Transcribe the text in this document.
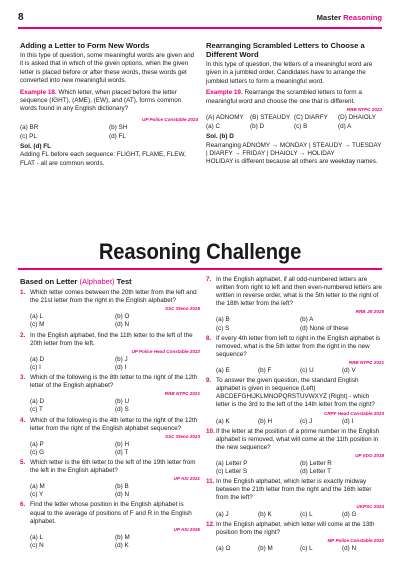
8	Master Reasoning
Adding a Letter to Form New Words

In this type of question, some meaningful words are given and it is asked that in which of the given options, when the given letter is placed before or after these words, these words get converted into new meaningful words.

Example 18. Which letter, when placed before the letter sequence (IGHT), (AME), (EW), and (AT), forms common words found in any English dictionary?

UP Police Constable 2024
(a) BR	(b) SH
(c) PL	(d) FL

Sol. (d) FL
Adding FL before each sequence: FLIGHT, FLAME, FLEW, FLAT - all are common words.

Rearranging Scrambled Letters to Choose a Different Word

In this type of question, the letters of a meaningful word are given in a jumbled order. Candidates have to arrange the jumbled letters to form a meaningful word.

Example 19. Rearrange the scrambled letters to form a meaningful word and choose the one that is different.

RRB NTPC 2022
(A) ADNOMY (B) STEAUDY (C) DIARFY	(D) DHAIOLY
(a) C	(b) D	(c) B	(d) A

Sol. (b) D
Rearranging ADNOMY → MONDAY | STEAUDY → TUESDAY | DIARFY → FRIDAY | DHAIOLY → HOLIDAY
HOLIDAY is different because all others are weekday names.

Reasoning Challenge
Based on Letter (Alphabet) Test
1. Which letter comes between the 20th letter from the left and the 21st letter from the right in the English alphabet?
SSC Steno 2025
(a) L	(b) O
(c) M	(d) N
2. In the English alphabet, find the 11th letter to the left of the 20th letter from the left.
UP Police Head Constable 2022
(a) D	(b) J
(c) I	(d) I
3. Which of the following is the 8th letter to the right of the 12th letter of the English alphabet?
RRB NTPC 2021
(a) D	(b) U
(c) T	(d) S
4. Which of the following is the 4th letter to the right of the 12th letter from the right of the English alphabet sequence?
SSC Steno 2023
(a) P	(b) H
(c) G	(d) T
5. Which letter is the 6th letter to the left of the 19th letter from the left in the English alphabet?
UP ASI 2021
(a) M	(b) B
(c) Y	(d) N
6. Find the letter whose position in the English alphabet is equal to the average of positions of F and R in the English alphabet.
UP ASI 2026
(a) L	(b) M
(c) N	(d) K
7. In the English alphabet, if all odd-numbered letters are written from right to left and then even-numbered letters are written in reverse order, what is the 5th letter to the right of the 18th letter from the left?
RRB JE 2025
(a) B	(b) A
(c) S	(d) None of these
8. If every 4th letter from left to right in the English alphabet is removed, what is the 5th letter from the right in the new sequence?
RRB NTPC 2021
(a) E	(b) F	(c) U	(d) V
9. To answer the given question, the standard English alphabet is given in sequence (Left) ABCDEFGHIJKLMNOPQRSTUVWXYZ (Right) - which letter is the 3rd to the left of the 14th letter from the right?
CRPF Head Constable 2023
(a) K	(b) H	(c) J	(d) I
10. If the letter at the position of a prime number in the English alphabet is removed, what will come at the 11th position in the new sequence?
UP VDO 2018
(a) Letter P	(b) Letter R
(c) Letter S	(d) Letter T
11. In the English alphabet, which letter is exactly midway between the 21th letter from the right and the 16th letter from the left?
UKPSC 2024
(a) J	(b) K	(c) L	(d) G
12. In the English alphabet, which letter will come at the 13th position from the right?
MP Police Constable 2022
(a) O	(b) M	(c) L	(d) N
